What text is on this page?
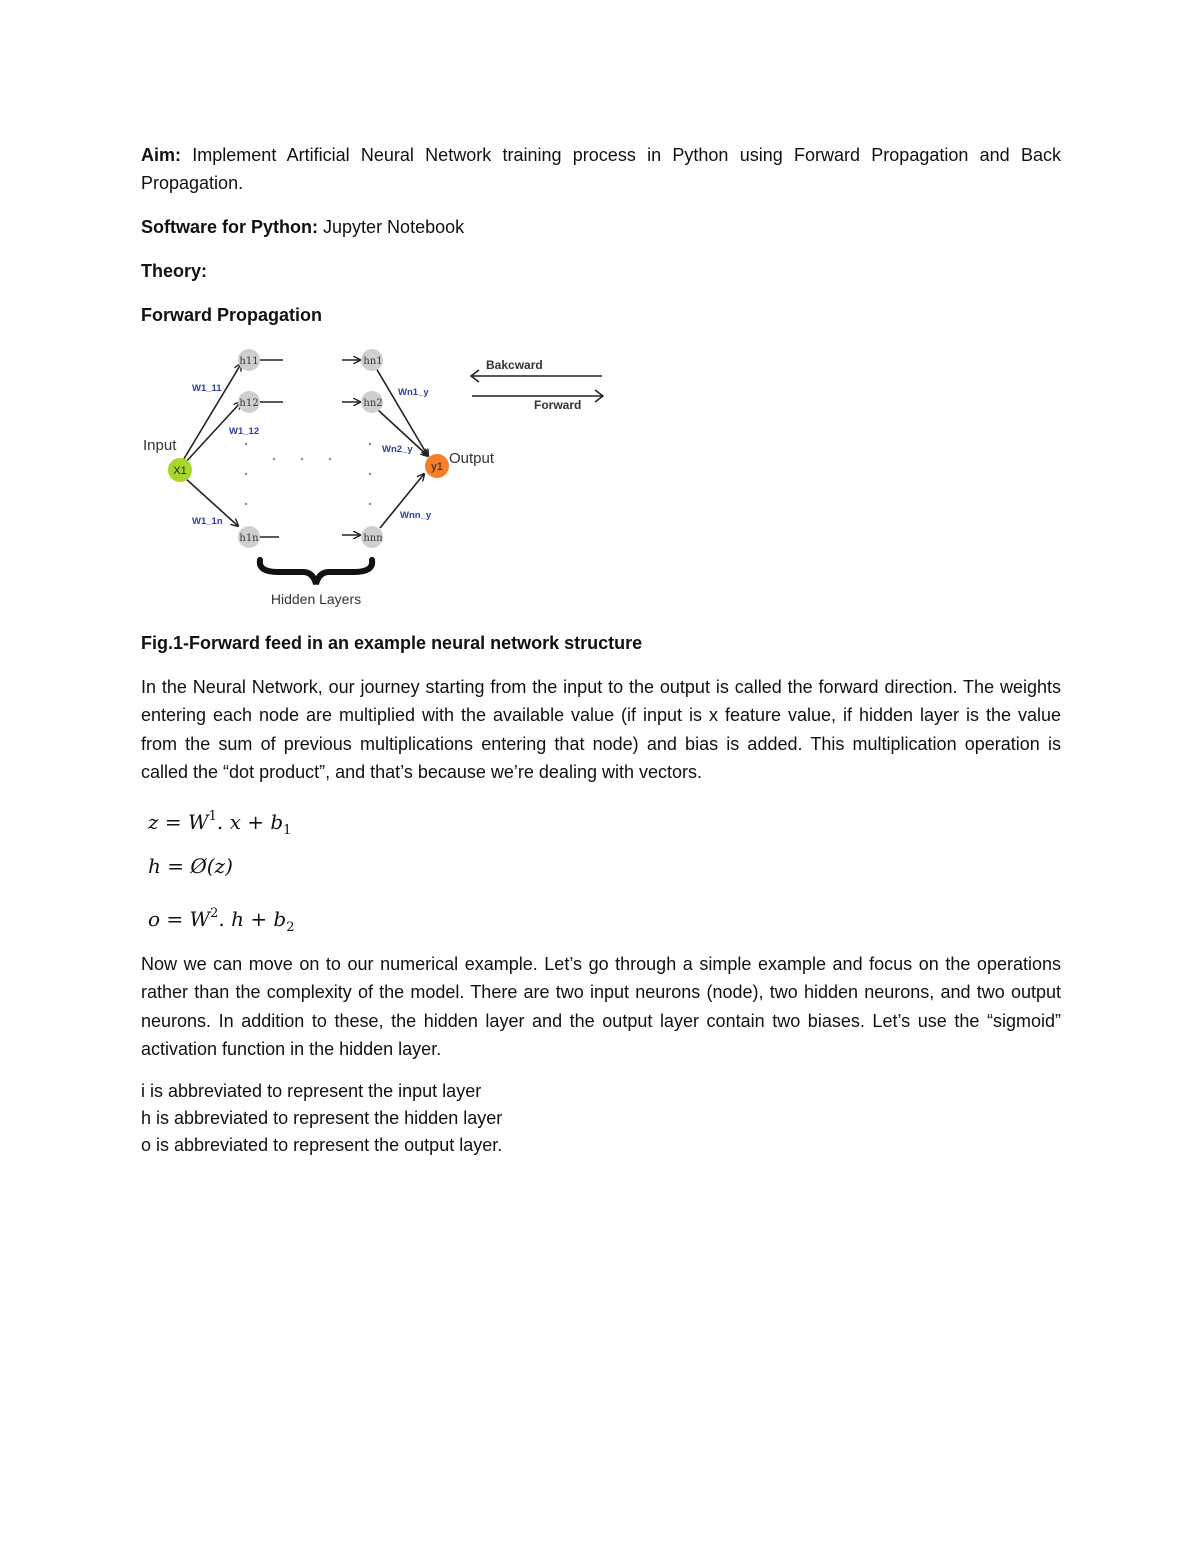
Aim: Implement Artificial Neural Network training process in Python using Forward Propagation and Back Propagation.
Software for Python: Jupyter Notebook
Theory:
Forward Propagation
h11
h12
h1n
hn1
hn2
hnn
X1	y1
W1_11
W1_12
W1_1n
Wn1_y
Wn2_y
Wnn_y
Input
Output
Hidden Layers
Bakcward
Forward
Fig.1-Forward feed in an example neural network structure
In the Neural Network, our journey starting from the input to the output is called the forward direction. The weights entering each node are multiplied with the available value (if input is x feature value, if hidden layer is the value from the sum of previous multiplications entering that node) and bias is added. This multiplication operation is called the “dot product”, and that’s because we’re dealing with vectors.
$z = W^1$. $x + b_1$
h = Ø(z)
$o = W^2$. $h + b_2$
Now we can move on to our numerical example. Let’s go through a simple example and focus on the operations rather than the complexity of the model. There are two input neurons (node), two hidden neurons, and two output neurons. In addition to these, the hidden layer and the output layer contain two biases. Let’s use the “sigmoid” activation function in the hidden layer.
i is abbreviated to represent the input layer
h is abbreviated to represent the hidden layer
o is abbreviated to represent the output layer.
